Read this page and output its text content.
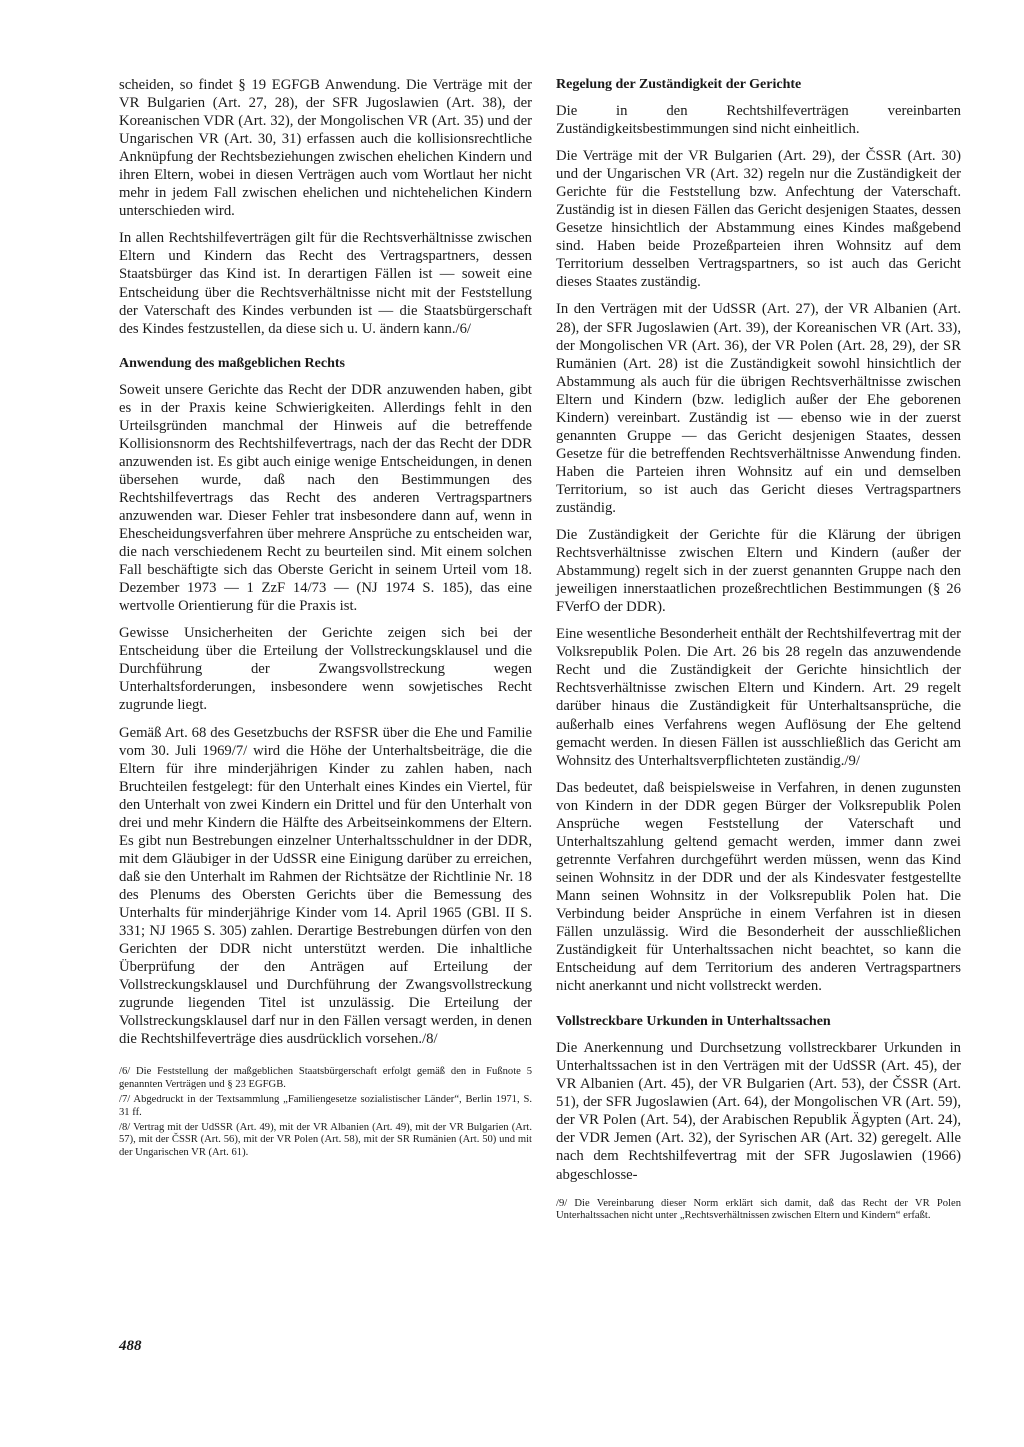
scheiden, so findet § 19 EGFGB Anwendung. Die Verträge mit der VR Bulgarien (Art. 27, 28), der SFR Jugoslawien (Art. 38), der Koreanischen VDR (Art. 32), der Mongolischen VR (Art. 35) und der Ungarischen VR (Art. 30, 31) erfassen auch die kollisionsrechtliche Anknüpfung der Rechtsbeziehungen zwischen ehelichen Kindern und ihren Eltern, wobei in diesen Verträgen auch vom Wortlaut her nicht mehr in jedem Fall zwischen ehelichen und nichtehelichen Kindern unterschieden wird.

In allen Rechtshilfeverträgen gilt für die Rechtsverhältnisse zwischen Eltern und Kindern das Recht des Vertragspartners, dessen Staatsbürger das Kind ist. In derartigen Fällen ist — soweit eine Entscheidung über die Rechtsverhältnisse nicht mit der Feststellung der Vaterschaft des Kindes verbunden ist — die Staatsbürgerschaft des Kindes festzustellen, da diese sich u. U. ändern kann./6/

Anwendung des maßgeblichen Rechts

Soweit unsere Gerichte das Recht der DDR anzuwenden haben, gibt es in der Praxis keine Schwierigkeiten. Allerdings fehlt in den Urteilsgründen manchmal der Hinweis auf die betreffende Kollisionsnorm des Rechtshilfevertrags, nach der das Recht der DDR anzuwenden ist. Es gibt auch einige wenige Entscheidungen, in denen übersehen wurde, daß nach den Bestimmungen des Rechtshilfevertrags das Recht des anderen Vertragspartners anzuwenden war. Dieser Fehler trat insbesondere dann auf, wenn in Ehescheidungsverfahren über mehrere Ansprüche zu entscheiden war, die nach verschiedenem Recht zu beurteilen sind. Mit einem solchen Fall beschäftigte sich das Oberste Gericht in seinem Urteil vom 18. Dezember 1973 — 1 ZzF 14/73 — (NJ 1974 S. 185), das eine wertvolle Orientierung für die Praxis ist.

Gewisse Unsicherheiten der Gerichte zeigen sich bei der Entscheidung über die Erteilung der Vollstreckungsklausel und die Durchführung der Zwangsvollstreckung wegen Unterhaltsforderungen, insbesondere wenn sowjetisches Recht zugrunde liegt.

Gemäß Art. 68 des Gesetzbuchs der RSFSR über die Ehe und Familie vom 30. Juli 1969/7/ wird die Höhe der Unterhaltsbeiträge, die die Eltern für ihre minderjährigen Kinder zu zahlen haben, nach Bruchteilen festgelegt: für den Unterhalt eines Kindes ein Viertel, für den Unterhalt von zwei Kindern ein Drittel und für den Unterhalt von drei und mehr Kindern die Hälfte des Arbeitseinkommens der Eltern. Es gibt nun Bestrebungen einzelner Unterhaltsschuldner in der DDR, mit dem Gläubiger in der UdSSR eine Einigung darüber zu erreichen, daß sie den Unterhalt im Rahmen der Richtsätze der Richtlinie Nr. 18 des Plenums des Obersten Gerichts über die Bemessung des Unterhalts für minderjährige Kinder vom 14. April 1965 (GBl. II S. 331; NJ 1965 S. 305) zahlen. Derartige Bestrebungen dürfen von den Gerichten der DDR nicht unterstützt werden. Die inhaltliche Überprüfung der den Anträgen auf Erteilung der Vollstreckungsklausel und Durchführung der Zwangsvollstreckung zugrunde liegenden Titel ist unzulässig. Die Erteilung der Vollstreckungsklausel darf nur in den Fällen versagt werden, in denen die Rechtshilfeverträge dies ausdrücklich vorsehen./8/

/6/ Die Feststellung der maßgeblichen Staatsbürgerschaft erfolgt gemäß den in Fußnote 5 genannten Verträgen und § 23 EGFGB.

/7/ Abgedruckt in der Textsammlung „Familiengesetze sozialistischer Länder“, Berlin 1971, S. 31 ff.

/8/ Vertrag mit der UdSSR (Art. 49), mit der VR Albanien (Art. 49), mit der VR Bulgarien (Art. 57), mit der ČSSR (Art. 56), mit der VR Polen (Art. 58), mit der SR Rumänien (Art. 50) und mit der Ungarischen VR (Art. 61).

Regelung der Zuständigkeit der Gerichte

Die in den Rechtshilfeverträgen vereinbarten Zuständigkeitsbestimmungen sind nicht einheitlich.

Die Verträge mit der VR Bulgarien (Art. 29), der ČSSR (Art. 30) und der Ungarischen VR (Art. 32) regeln nur die Zuständigkeit der Gerichte für die Feststellung bzw. Anfechtung der Vaterschaft. Zuständig ist in diesen Fällen das Gericht desjenigen Staates, dessen Gesetze hinsichtlich der Abstammung eines Kindes maßgebend sind. Haben beide Prozeßparteien ihren Wohnsitz auf dem Territorium desselben Vertragspartners, so ist auch das Gericht dieses Staates zuständig.

In den Verträgen mit der UdSSR (Art. 27), der VR Albanien (Art. 28), der SFR Jugoslawien (Art. 39), der Koreanischen VR (Art. 33), der Mongolischen VR (Art. 36), der VR Polen (Art. 28, 29), der SR Rumänien (Art. 28) ist die Zuständigkeit sowohl hinsichtlich der Abstammung als auch für die übrigen Rechtsverhältnisse zwischen Eltern und Kindern (bzw. lediglich außer der Ehe geborenen Kindern) vereinbart. Zuständig ist — ebenso wie in der zuerst genannten Gruppe — das Gericht desjenigen Staates, dessen Gesetze für die betreffenden Rechtsverhältnisse Anwendung finden. Haben die Parteien ihren Wohnsitz auf ein und demselben Territorium, so ist auch das Gericht dieses Vertragspartners zuständig.

Die Zuständigkeit der Gerichte für die Klärung der übrigen Rechtsverhältnisse zwischen Eltern und Kindern (außer der Abstammung) regelt sich in der zuerst genannten Gruppe nach den jeweiligen innerstaatlichen prozeßrechtlichen Bestimmungen (§ 26 FVerfO der DDR).

Eine wesentliche Besonderheit enthält der Rechtshilfevertrag mit der Volksrepublik Polen. Die Art. 26 bis 28 regeln das anzuwendende Recht und die Zuständigkeit der Gerichte hinsichtlich der Rechtsverhältnisse zwischen Eltern und Kindern. Art. 29 regelt darüber hinaus die Zuständigkeit für Unterhaltsansprüche, die außerhalb eines Verfahrens wegen Auflösung der Ehe geltend gemacht werden. In diesen Fällen ist ausschließlich das Gericht am Wohnsitz des Unterhaltsverpflichteten zuständig./9/

Das bedeutet, daß beispielsweise in Verfahren, in denen zugunsten von Kindern in der DDR gegen Bürger der Volksrepublik Polen Ansprüche wegen Feststellung der Vaterschaft und Unterhaltszahlung geltend gemacht werden, immer dann zwei getrennte Verfahren durchgeführt werden müssen, wenn das Kind seinen Wohnsitz in der DDR und der als Kindesvater festgestellte Mann seinen Wohnsitz in der Volksrepublik Polen hat. Die Verbindung beider Ansprüche in einem Verfahren ist in diesen Fällen unzulässig. Wird die Besonderheit der ausschließlichen Zuständigkeit für Unterhaltssachen nicht beachtet, so kann die Entscheidung auf dem Territorium des anderen Vertragspartners nicht anerkannt und nicht vollstreckt werden.

Vollstreckbare Urkunden in Unterhaltssachen

Die Anerkennung und Durchsetzung vollstreckbarer Urkunden in Unterhaltssachen ist in den Verträgen mit der UdSSR (Art. 45), der VR Albanien (Art. 45), der VR Bulgarien (Art. 53), der ČSSR (Art. 51), der SFR Jugoslawien (Art. 64), der Mongolischen VR (Art. 59), der VR Polen (Art. 54), der Arabischen Republik Ägypten (Art. 24), der VDR Jemen (Art. 32), der Syrischen AR (Art. 32) geregelt. Alle nach dem Rechtshilfevertrag mit der SFR Jugoslawien (1966) abgeschlosse-

/9/ Die Vereinbarung dieser Norm erklärt sich damit, daß das Recht der VR Polen Unterhaltssachen nicht unter „Rechtsverhältnissen zwischen Eltern und Kindern“ erfaßt.

488
